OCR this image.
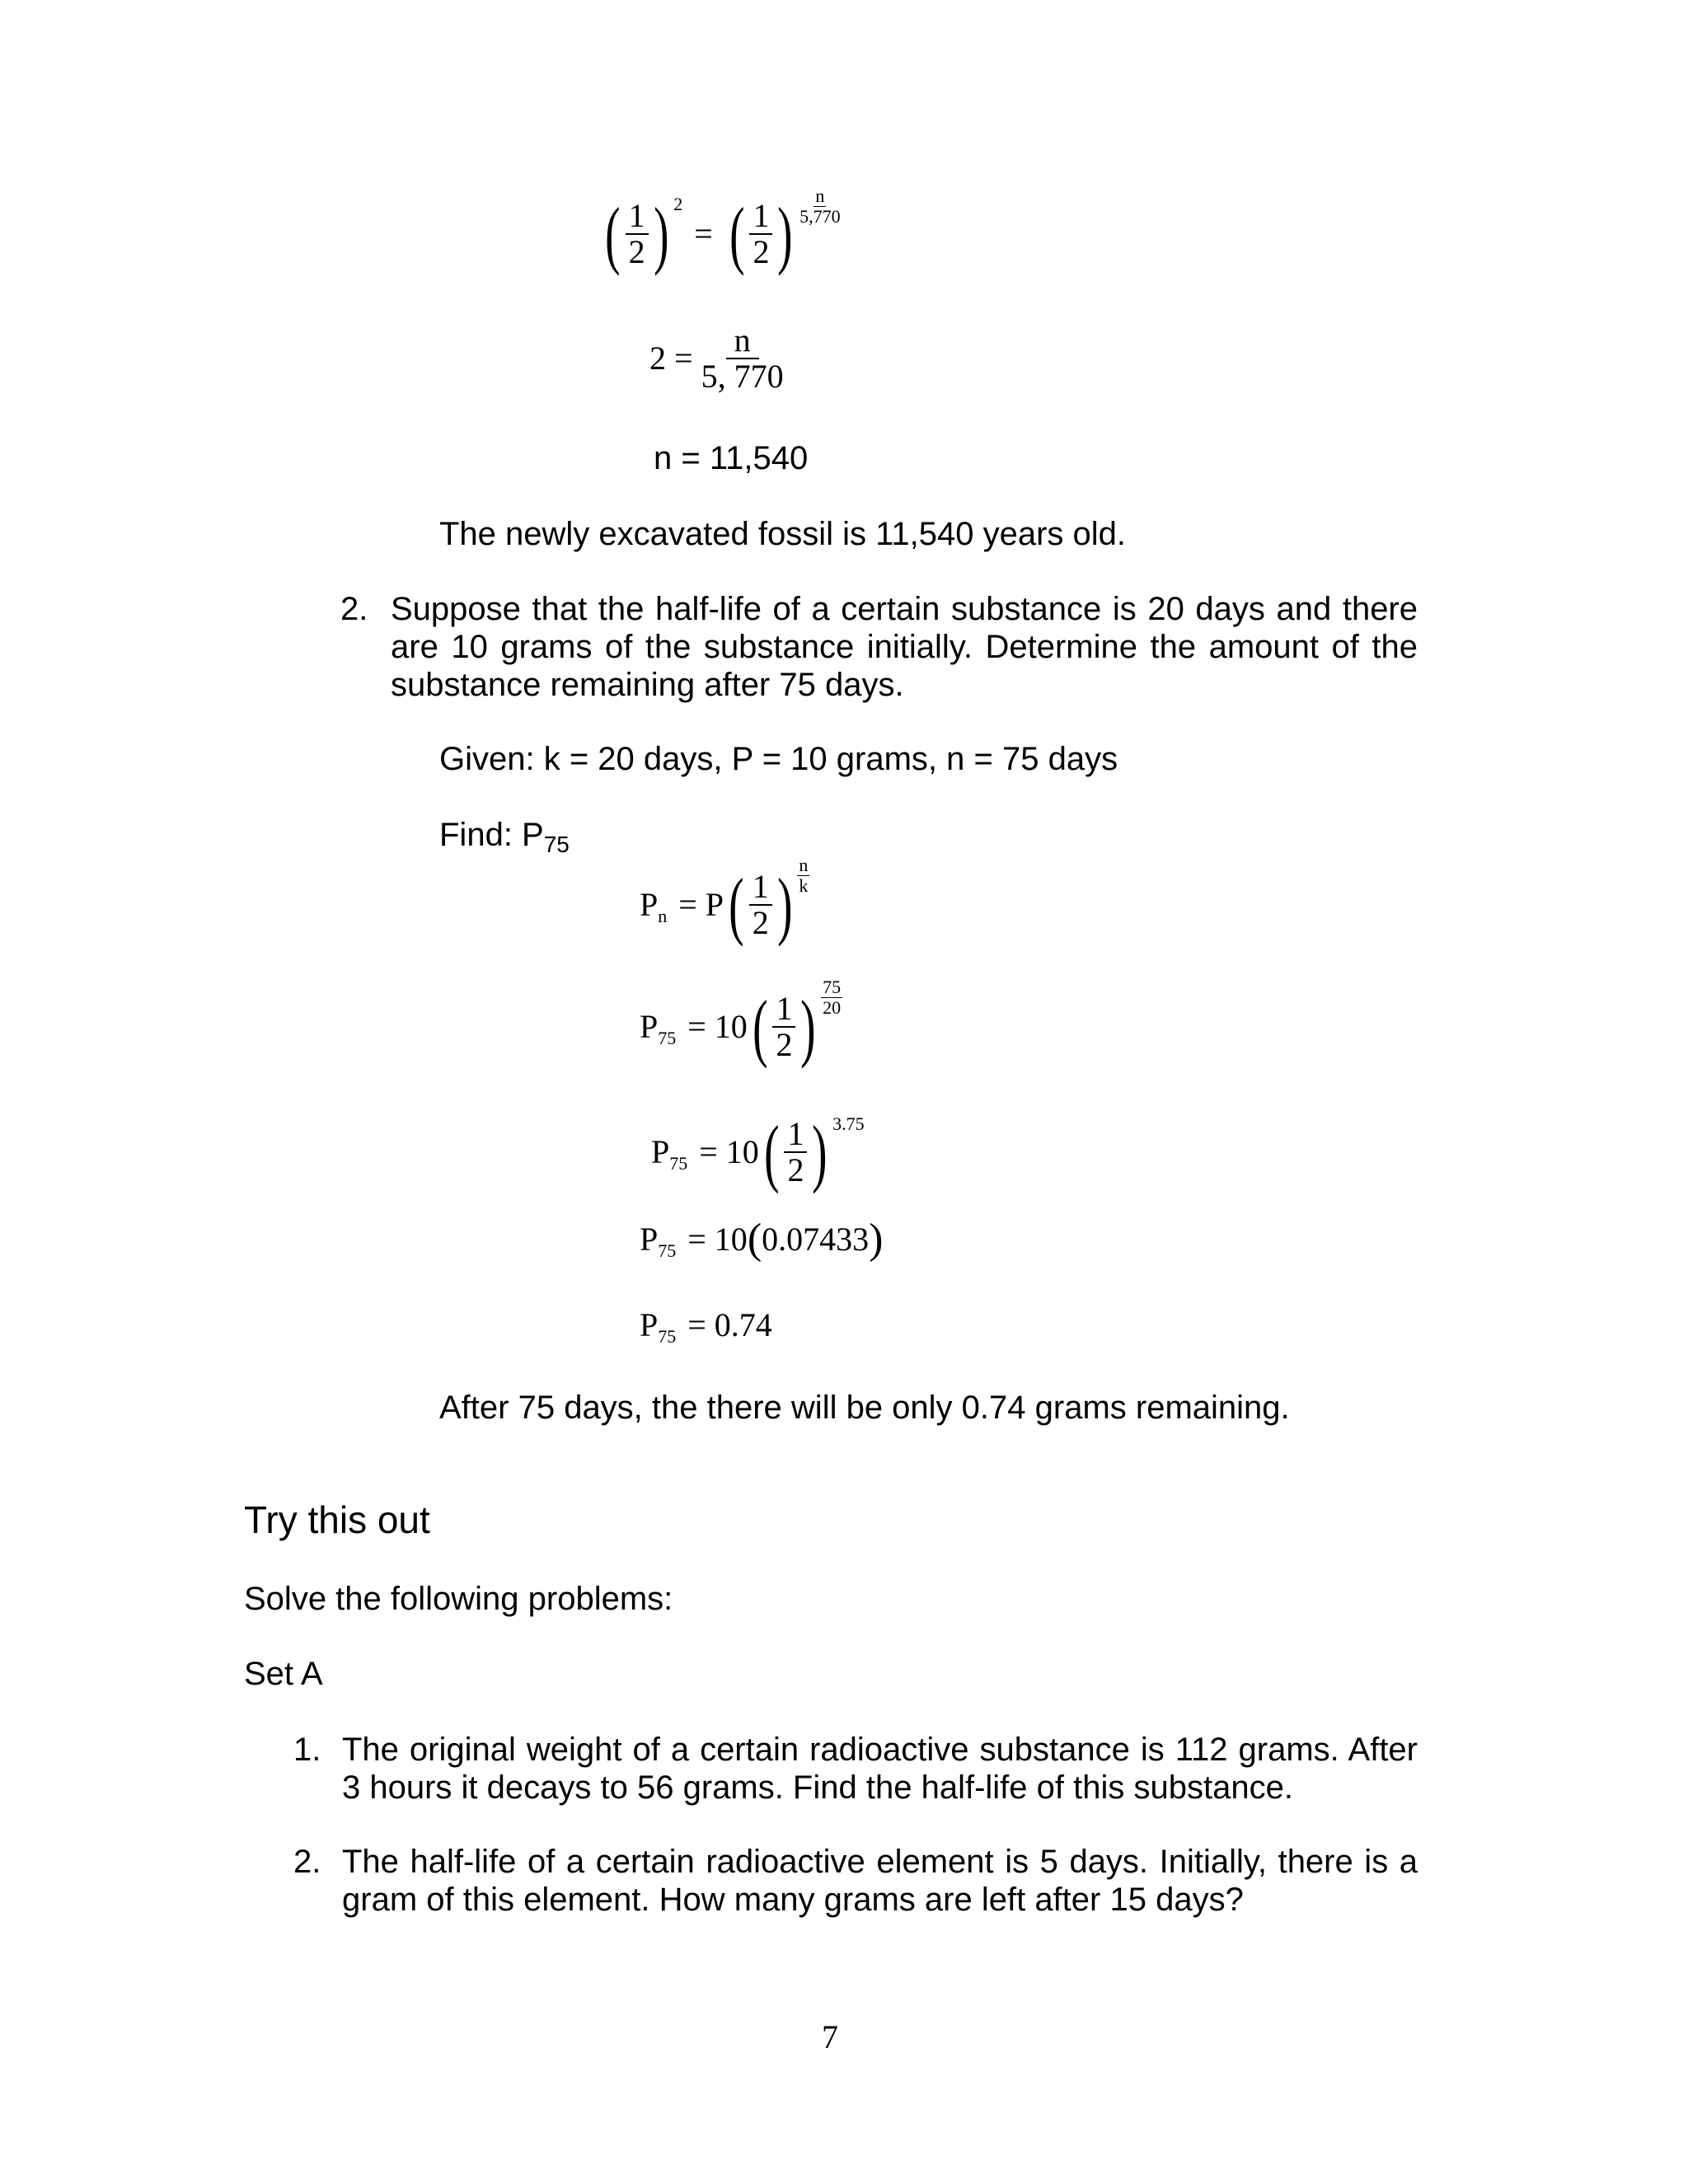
( $\frac{1}{2}$ ) 2
= ( $\frac{1}{2}$ ) $\frac{n}{5,770}$
$2 = \frac{n}{5, 770}$
n = 11,540
The newly excavated fossil is 11,540 years old.
2. Suppose that the half-life of a certain substance is 20 days and there are 10 grams of the substance initially. Determine the amount of the substance remaining after 75 days.
Given: k = 20 days, P = 10 grams, n = 75 days
Find: $P_{75}$
P n = P ( $\frac{1}{2}$ ) $\frac{n}{k}$
P 75 = 10 ( $\frac{1}{2}$ ) $\frac{75}{20}$
P 75 = 10 ( $\frac{1}{2}$ ) 3.75
P 75 = 10 ( 0.07433 )
P 75 = 0.74
After 75 days, the there will be only 0.74 grams remaining.
Try this out
Solve the following problems:
Set A
1. The original weight of a certain radioactive substance is 112 grams. After 3 hours it decays to 56 grams. Find the half-life of this substance.
2. The half-life of a certain radioactive element is 5 days. Initially, there is a gram of this element. How many grams are left after 15 days?
7
